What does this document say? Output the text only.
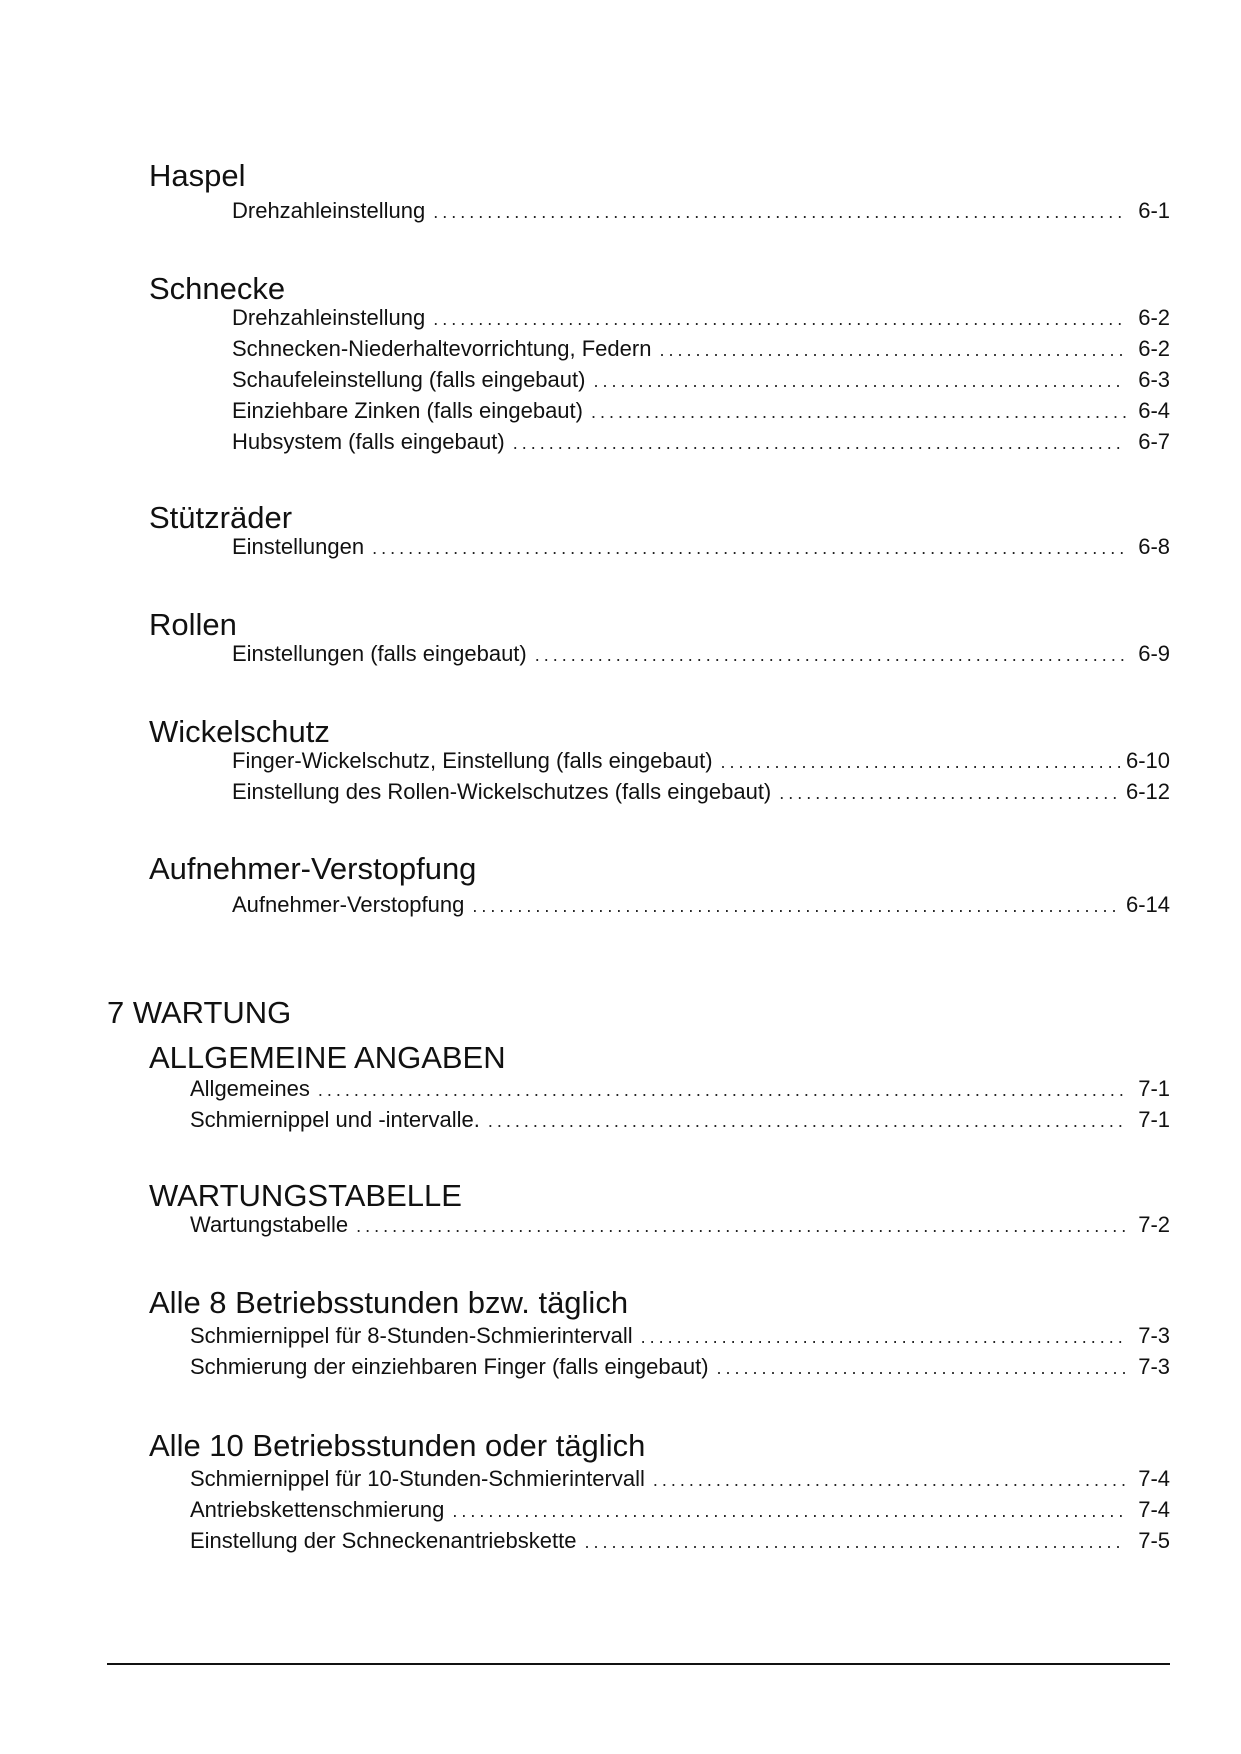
Haspel
Drehzahleinstellung .....	6-1
Schnecke
Drehzahleinstellung .....	6-2
Schnecken-Niederhaltevorrichtung, Federn .....	6-2
Schaufeleinstellung (falls eingebaut) .....	6-3
Einziehbare Zinken (falls eingebaut) .....	6-4
Hubsystem (falls eingebaut) .....	6-7
Stützräder
Einstellungen .....	6-8
Rollen
Einstellungen (falls eingebaut) .....	6-9
Wickelschutz
Finger-Wickelschutz, Einstellung (falls eingebaut) .....	6-10
Einstellung des Rollen-Wickelschutzes (falls eingebaut) .....	6-12
Aufnehmer-Verstopfung
Aufnehmer-Verstopfung .....	6-14
7 WARTUNG
ALLGEMEINE ANGABEN
Allgemeines .....	7-1
Schmiernippel und -intervalle. .....	7-1
WARTUNGSTABELLE
Wartungstabelle .....	7-2
Alle 8 Betriebsstunden bzw. täglich
Schmiernippel für 8-Stunden-Schmierintervall .....	7-3
Schmierung der einziehbaren Finger (falls eingebaut) .....	7-3
Alle 10 Betriebsstunden oder täglich
Schmiernippel für 10-Stunden-Schmierintervall .....	7-4
Antriebskettenschmierung .....	7-4
Einstellung der Schneckenantriebskette .....	7-5
